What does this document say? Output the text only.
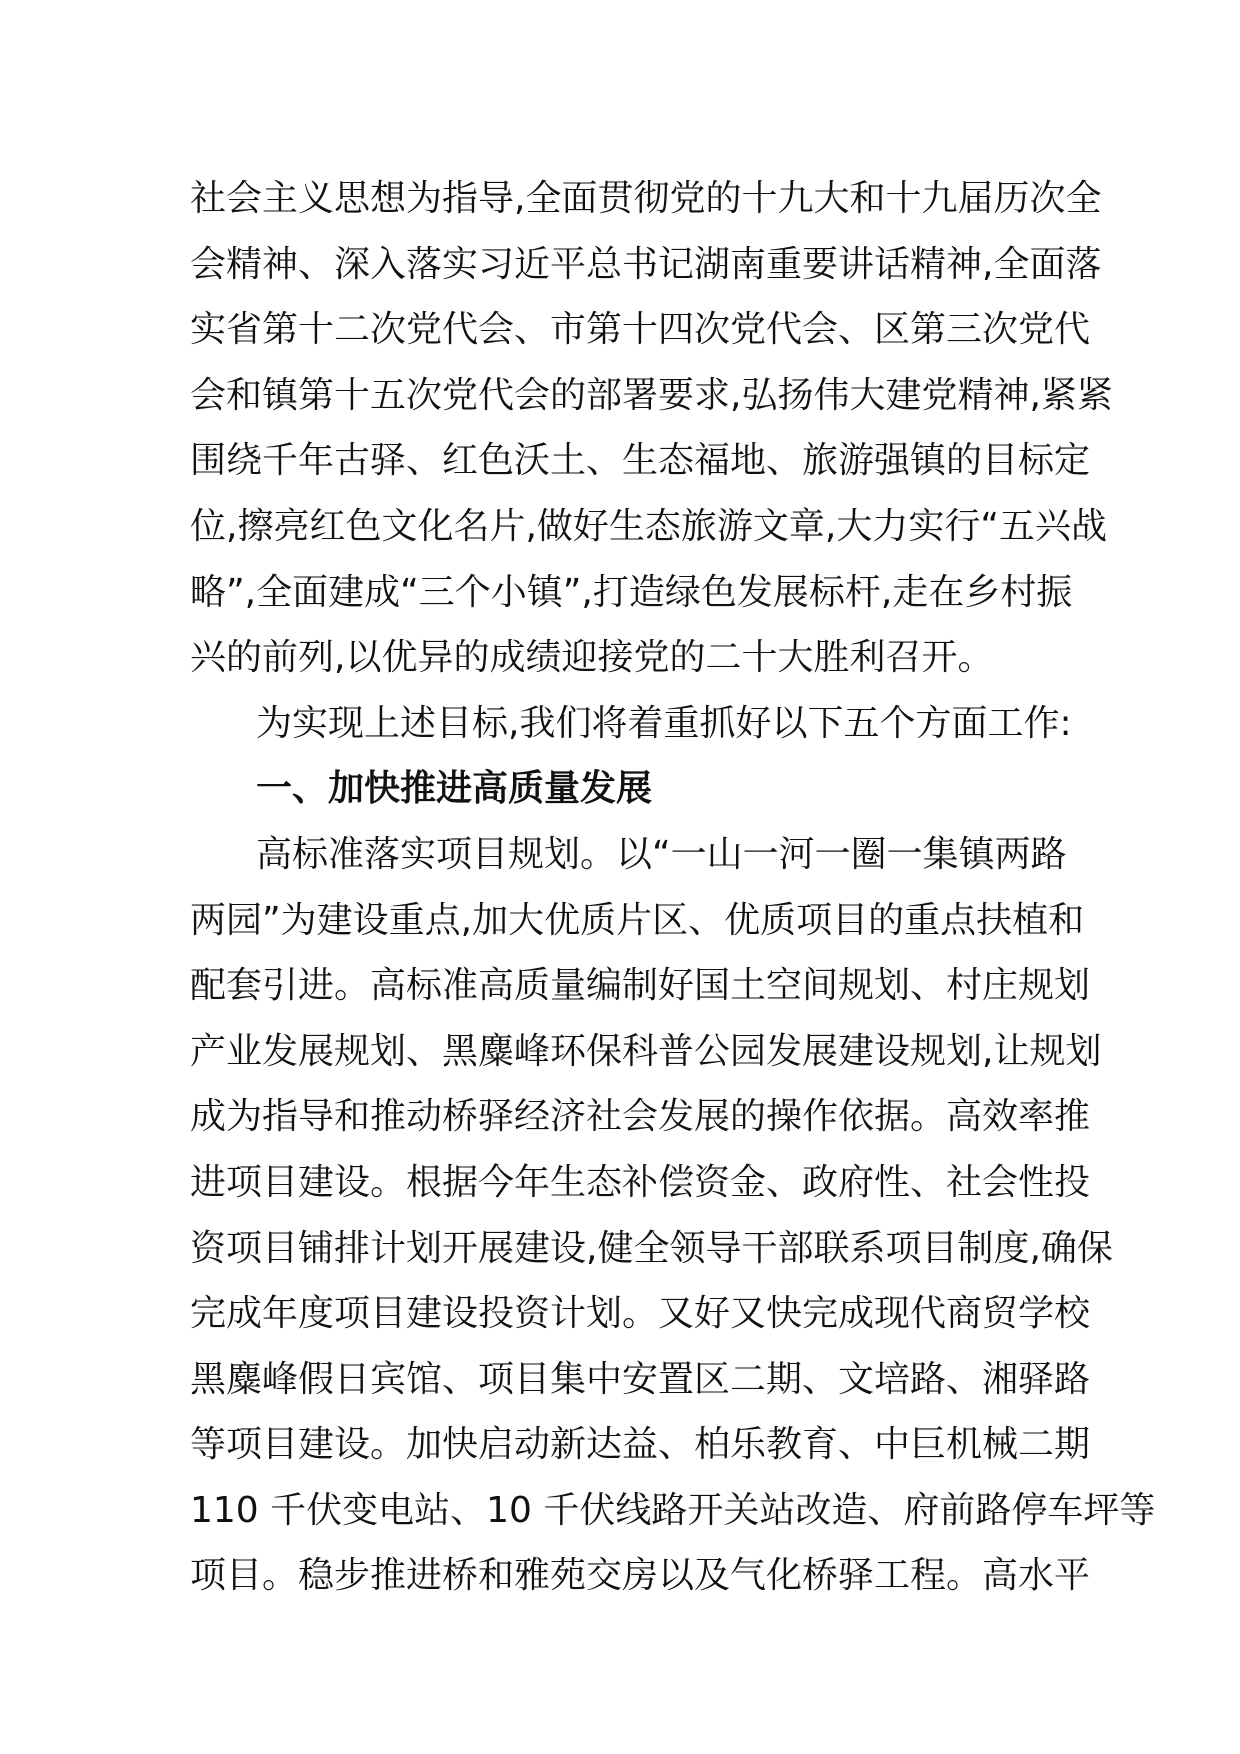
社会主义思想为指导,全面贯彻党的十九大和十九届历次全
会精神、深入落实习近平总书记湖南重要讲话精神,全面落
实省第十二次党代会、市第十四次党代会、区第三次党代
会和镇第十五次党代会的部署要求,弘扬伟大建党精神,紧紧
围绕千年古驿、红色沃土、生态福地、旅游强镇的目标定
位,擦亮红色文化名片,做好生态旅游文章,大力实行“五兴战
略”,全面建成“三个小镇”,打造绿色发展标杆,走在乡村振
兴的前列,以优异的成绩迎接党的二十大胜利召开。
为实现上述目标,我们将着重抓好以下五个方面工作:
一、加快推进高质量发展
高标准落实项目规划。以“一山一河一圈一集镇两路
两园”为建设重点,加大优质片区、优质项目的重点扶植和
配套引进。高标准高质量编制好国土空间规划、村庄规划
产业发展规划、黑麋峰环保科普公园发展建设规划,让规划
成为指导和推动桥驿经济社会发展的操作依据。高效率推
进项目建设。根据今年生态补偿资金、政府性、社会性投
资项目铺排计划开展建设,健全领导干部联系项目制度,确保
完成年度项目建设投资计划。又好又快完成现代商贸学校
黑麋峰假日宾馆、项目集中安置区二期、文培路、湘驿路
等项目建设。加快启动新达益、柏乐教育、中巨机械二期
110 千伏变电站、10 千伏线路开关站改造、府前路停车坪等
项目。稳步推进桥和雅苑交房以及气化桥驿工程。高水平
